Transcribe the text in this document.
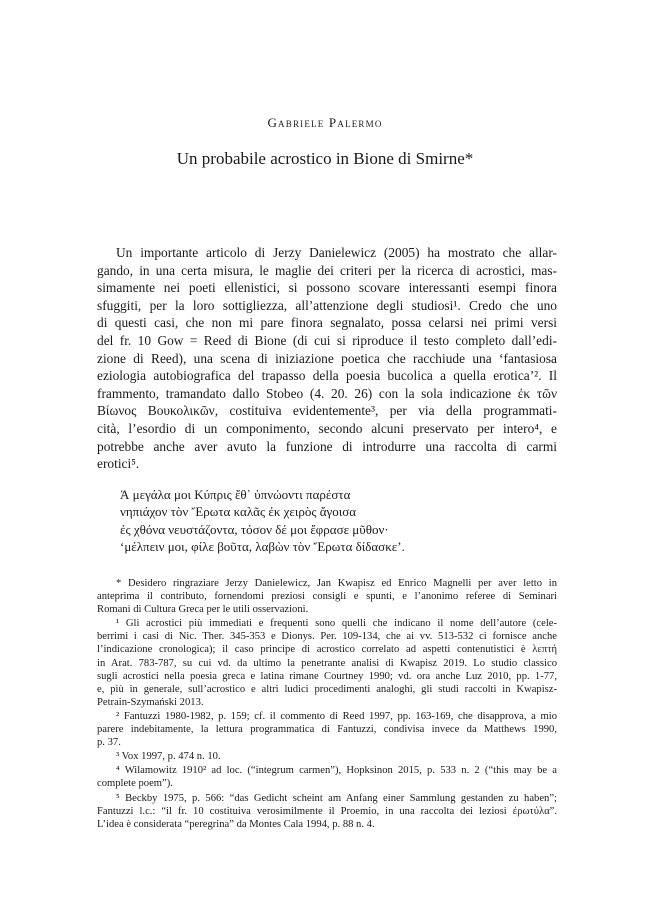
Gabriele Palermo
Un probabile acrostico in Bione di Smirne*
Un importante articolo di Jerzy Danielewicz (2005) ha mostrato che allar-
gando, in una certa misura, le maglie dei criteri per la ricerca di acrostici, mas-
simamente nei poeti ellenistici, si possono scovare interessanti esempi finora
sfuggiti, per la loro sottigliezza, all’attenzione degli studiosi¹. Credo che uno
di questi casi, che non mi pare finora segnalato, possa celarsi nei primi versi
del fr. 10 Gow = Reed di Bione (di cui si riproduce il testo completo dall’edi-
zione di Reed), una scena di iniziazione poetica che racchiude una ‘fantasiosa
eziologia autobiografica del trapasso della poesia bucolica a quella erotica’². Il
frammento, tramandato dallo Stobeo (4. 20. 26) con la sola indicazione ἐκ τῶν
Βίωνος Βουκολικῶν, costituiva evidentemente³, per via della programmati-
cità, l’esordio di un componimento, secondo alcuni preservato per intero⁴, e
potrebbe anche aver avuto la funzione di introdurre una raccolta di carmi
erotici⁵.
Ἁ μεγάλα μοι Κύπρις ἔθ᾽ ὑπνώοντι παρέστα
νηπιάχον τὸν Ἔρωτα καλᾶς ἐκ χειρὸς ἄγοισα
ἐς χθόνα νευστάζοντα, τόσον δέ μοι ἔφρασε μῦθον·
‘μέλπειν μοι, φίλε βοῦτα, λαβὼν τὸν Ἔρωτα δίδασκε’.
* Desidero ringraziare Jerzy Danielewicz, Jan Kwapisz ed Enrico Magnelli per aver letto in
anteprima il contributo, fornendomi preziosi consigli e spunti, e l’anonimo referee di Seminari
Romani di Cultura Greca per le utili osservazioni.
¹ Gli acrostici più immediati e frequenti sono quelli che indicano il nome dell’autore (cele-
berrimi i casi di Nic. Ther. 345-353 e Dionys. Per. 109-134, che ai vv. 513-532 ci fornisce anche
l’indicazione cronologica); il caso principe di acrostico correlato ad aspetti contenutistici è λεπτή
in Arat. 783-787, su cui vd. da ultimo la penetrante analisi di Kwapisz 2019. Lo studio classico
sugli acrostici nella poesia greca e latina rimane Courtney 1990; vd. ora anche Luz 2010, pp. 1-77,
e, più in generale, sull’acrostico e altri ludici procedimenti analoghi, gli studi raccolti in Kwapisz-
Petrain-Szymański 2013.
² Fantuzzi 1980-1982, p. 159; cf. il commento di Reed 1997, pp. 163-169, che disapprova, a mio
parere indebitamente, la lettura programmatica di Fantuzzi, condivisa invece da Matthews 1990,
p. 37.
³ Vox 1997, p. 474 n. 10.
⁴ Wilamowitz 1910² ad loc. (“integrum carmen”), Hopksinon 2015, p. 533 n. 2 (“this may be a
complete poem”).
⁵ Beckby 1975, p. 566: “das Gedicht scheint am Anfang einer Sammlung gestanden zu haben”;
Fantuzzi l.c.: “il fr. 10 costituiva verosimilmente il Proemio, in una raccolta dei leziosi ἐρωτύλα”.
L’idea è considerata “peregrina” da Montes Cala 1994, p. 88 n. 4.
